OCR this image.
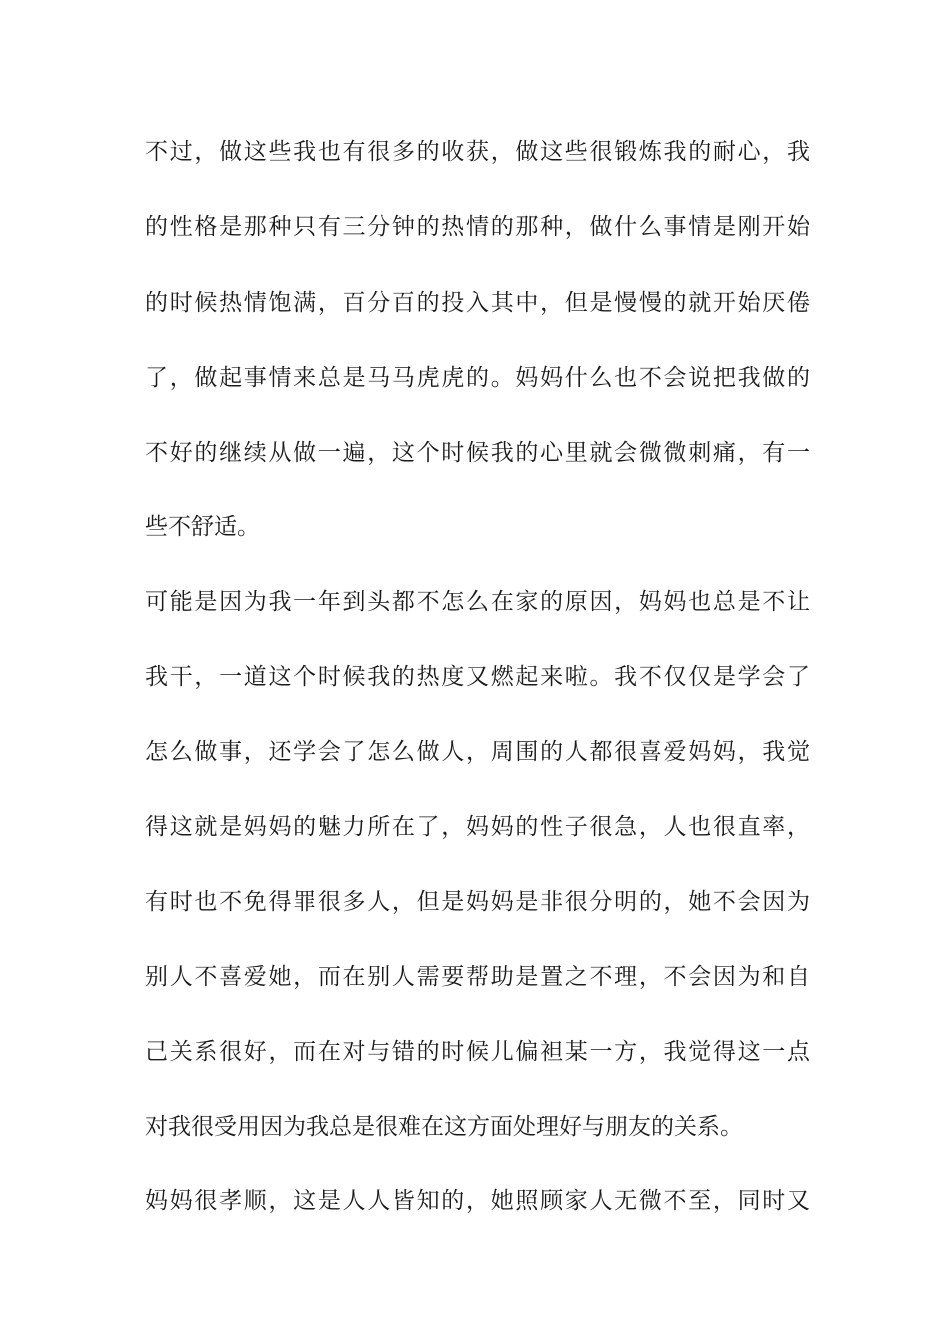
不过，做这些我也有很多的收获，做这些很锻炼我的耐心，我
的性格是那种只有三分钟的热情的那种，做什么事情是刚开始
的时候热情饱满，百分百的投入其中，但是慢慢的就开始厌倦
了，做起事情来总是马马虎虎的。妈妈什么也不会说把我做的
不好的继续从做一遍，这个时候我的心里就会微微刺痛，有一
些不舒适。
可能是因为我一年到头都不怎么在家的原因，妈妈也总是不让
我干，一道这个时候我的热度又燃起来啦。我不仅仅是学会了
怎么做事，还学会了怎么做人，周围的人都很喜爱妈妈，我觉
得这就是妈妈的魅力所在了，妈妈的性子很急，人也很直率，
有时也不免得罪很多人，但是妈妈是非很分明的，她不会因为
别人不喜爱她，而在别人需要帮助是置之不理，不会因为和自
己关系很好，而在对与错的时候儿偏袒某一方，我觉得这一点
对我很受用因为我总是很难在这方面处理好与朋友的关系。
妈妈很孝顺，这是人人皆知的，她照顾家人无微不至，同时又
